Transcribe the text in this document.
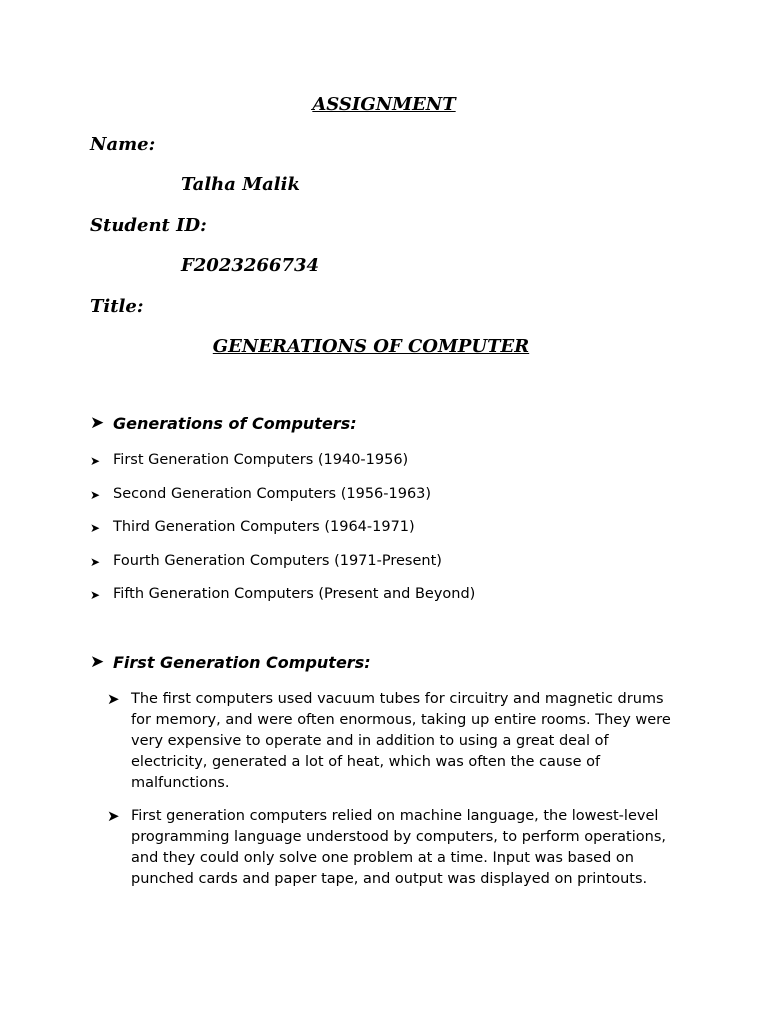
ASSIGNMENT
Name:
Talha Malik
Student ID:
F2023266734
Title:
GENERATIONS OF COMPUTER
➤ Generations of Computers:
➤ First Generation Computers (1940-1956)
➤ Second Generation Computers (1956-1963)
➤ Third Generation Computers (1964-1971)
➤ Fourth Generation Computers (1971-Present)
➤ Fifth Generation Computers (Present and Beyond)
➤ First Generation Computers:
➤ The first computers used vacuum tubes for circuitry and magnetic drums for memory, and were often enormous, taking up entire rooms. They were very expensive to operate and in addition to using a great deal of electricity, generated a lot of heat, which was often the cause of malfunctions.
➤ First generation computers relied on machine language, the lowest-level programming language understood by computers, to perform operations, and they could only solve one problem at a time. Input was based on punched cards and paper tape, and output was displayed on printouts.
